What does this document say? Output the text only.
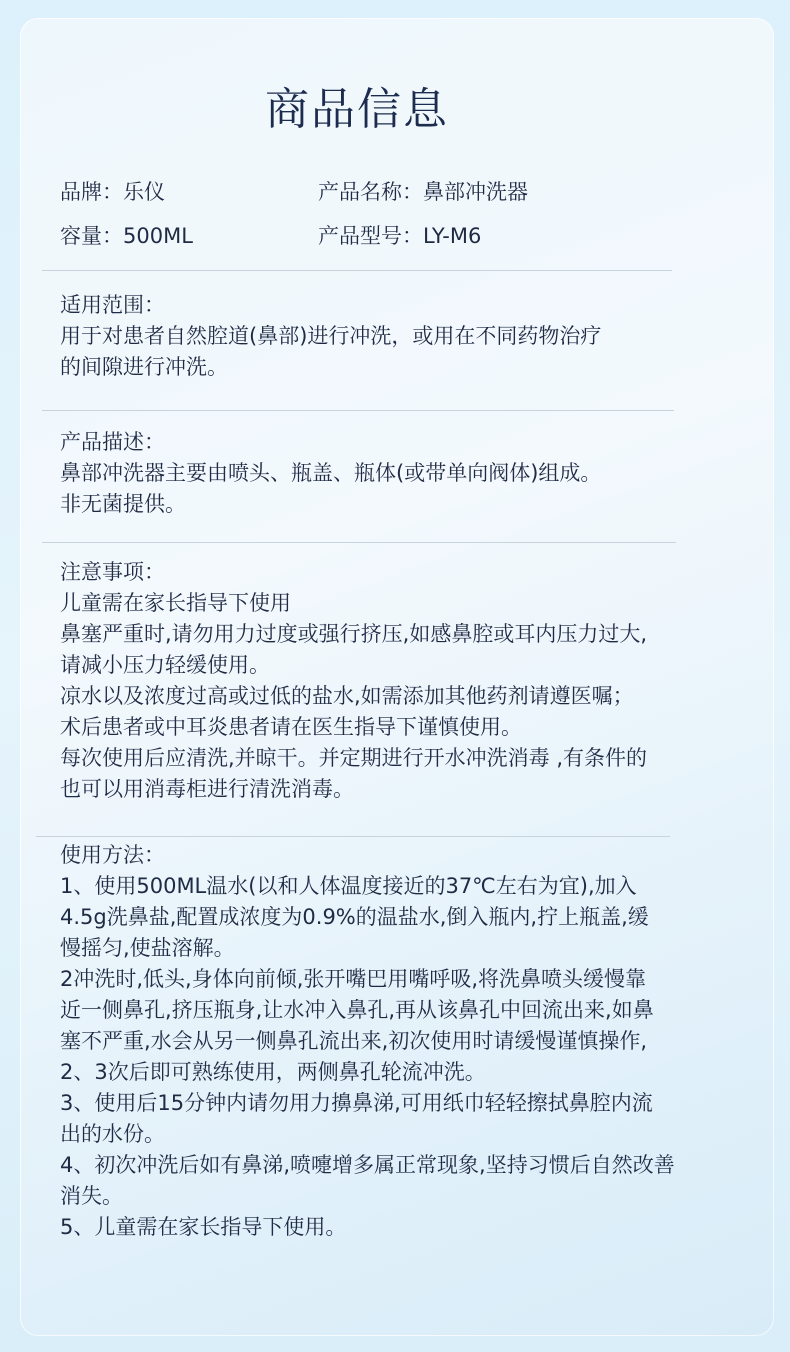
商品信息
品牌：乐仪	产品名称：鼻部冲洗器
容量：500ML	产品型号：LY-M6
适用范围：
用于对患者自然腔道(鼻部)进行冲洗，或用在不同药物治疗
的间隙进行冲洗。
产品描述：
鼻部冲洗器主要由喷头、瓶盖、瓶体(或带单向阀体)组成。
非无菌提供。
注意事项：
儿童需在家长指导下使用
鼻塞严重时,请勿用力过度或强行挤压,如感鼻腔或耳内压力过大,
请减小压力轻缓使用。
凉水以及浓度过高或过低的盐水,如需添加其他药剂请遵医嘱；
术后患者或中耳炎患者请在医生指导下谨慎使用。
每次使用后应清洗,并晾干。并定期进行开水冲洗消毒 ,有条件的
也可以用消毒柜进行清洗消毒。
使用方法：
1、使用500ML温水(以和人体温度接近的37℃左右为宜),加入
4.5g洗鼻盐,配置成浓度为0.9%的温盐水,倒入瓶内,拧上瓶盖,缓
慢摇匀,使盐溶解。
2冲洗时,低头,身体向前倾,张开嘴巴用嘴呼吸,将洗鼻喷头缓慢靠
近一侧鼻孔,挤压瓶身,让水冲入鼻孔,再从该鼻孔中回流出来,如鼻
塞不严重,水会从另一侧鼻孔流出来,初次使用时请缓慢谨慎操作,
2、3次后即可熟练使用，两侧鼻孔轮流冲洗。
3、使用后15分钟内请勿用力擤鼻涕,可用纸巾轻轻擦拭鼻腔内流
出的水份。
4、初次冲洗后如有鼻涕,喷嚏增多属正常现象,坚持习惯后自然改善
消失。
5、儿童需在家长指导下使用。
